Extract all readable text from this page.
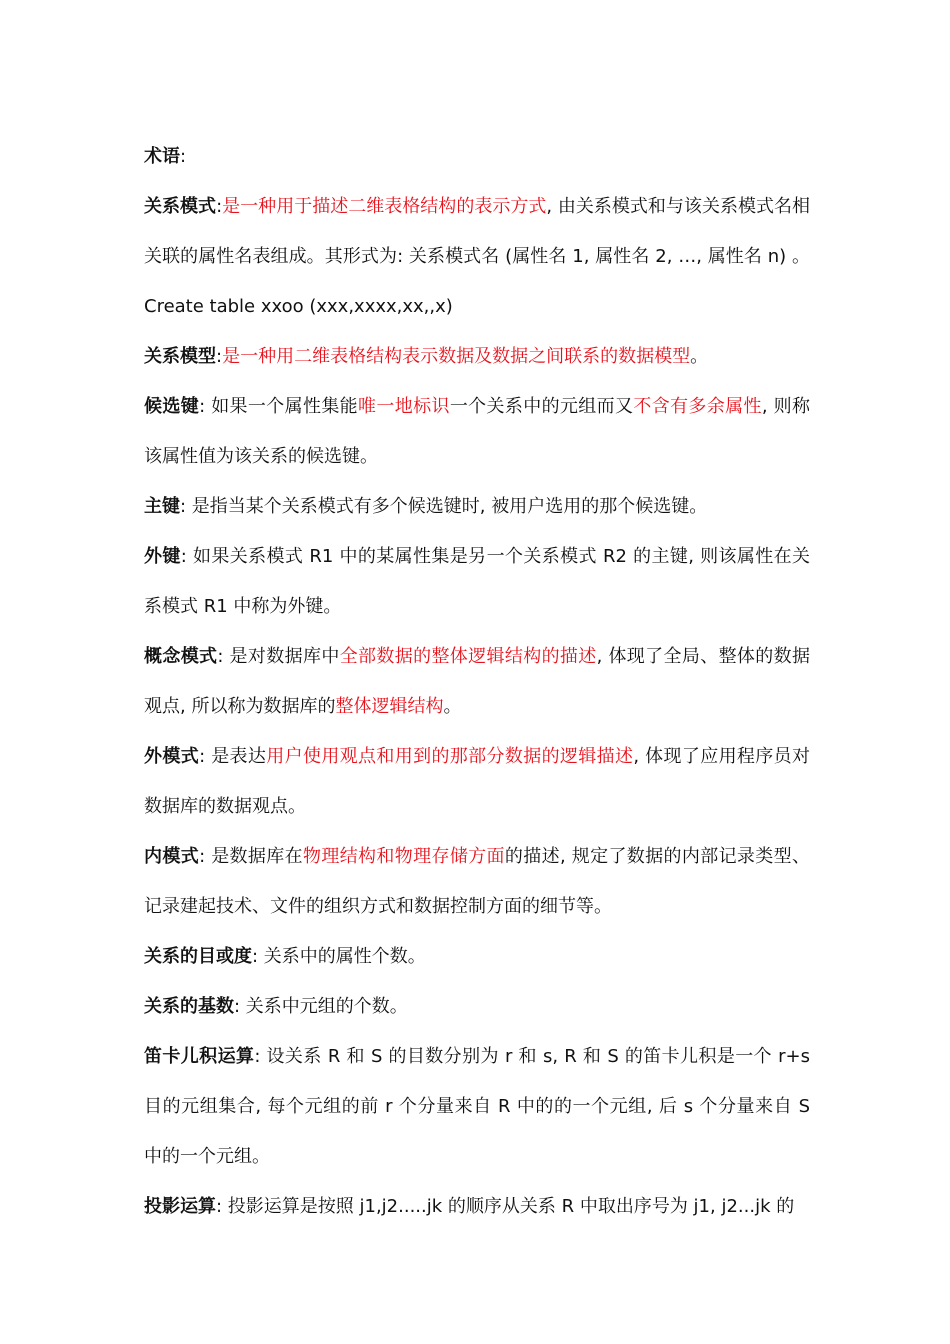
术语:

关系模式:是一种用于描述二维表格结构的表示方式, 由关系模式和与该关系模式名相关联的属性名表组成。其形式为: 关系模式名 (属性名 1, 属性名 2, …, 属性名 n) 。Create table xxoo (xxx,xxxx,xx,,x)

关系模型:是一种用二维表格结构表示数据及数据之间联系的数据模型。

候选键: 如果一个属性集能唯一地标识一个关系中的元组而又不含有多余属性, 则称该属性值为该关系的候选键。

主键: 是指当某个关系模式有多个候选键时, 被用户选用的那个候选键。

外键: 如果关系模式 R1 中的某属性集是另一个关系模式 R2 的主键, 则该属性在关系模式 R1 中称为外键。

概念模式: 是对数据库中全部数据的整体逻辑结构的描述, 体现了全局、整体的数据观点, 所以称为数据库的整体逻辑结构。

外模式: 是表达用户使用观点和用到的那部分数据的逻辑描述, 体现了应用程序员对数据库的数据观点。

内模式: 是数据库在物理结构和物理存储方面的描述, 规定了数据的内部记录类型、记录建起技术、文件的组织方式和数据控制方面的细节等。

关系的目或度: 关系中的属性个数。

关系的基数: 关系中元组的个数。

笛卡儿积运算: 设关系 R 和 S 的目数分别为 r 和 s, R 和 S 的笛卡儿积是一个 r+s 目的元组集合, 每个元组的前 r 个分量来自 R 中的的一个元组, 后 s 个分量来自 S 中的一个元组。

投影运算: 投影运算是按照 j1,j2.....jk 的顺序从关系 R 中取出序号为 j1, j2...jk 的
